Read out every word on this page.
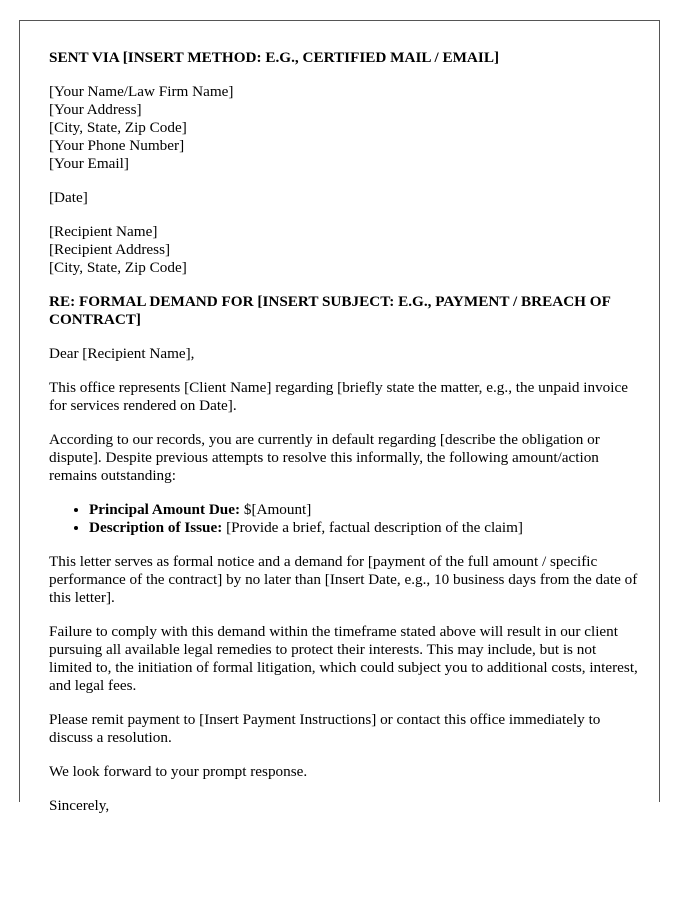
SENT VIA [INSERT METHOD: E.G., CERTIFIED MAIL / EMAIL]
[Your Name/Law Firm Name]
[Your Address]
[City, State, Zip Code]
[Your Phone Number]
[Your Email]
[Date]
[Recipient Name]
[Recipient Address]
[City, State, Zip Code]
RE: FORMAL DEMAND FOR [INSERT SUBJECT: E.G., PAYMENT / BREACH OF CONTRACT]
Dear [Recipient Name],
This office represents [Client Name] regarding [briefly state the matter, e.g., the unpaid invoice for services rendered on Date].
According to our records, you are currently in default regarding [describe the obligation or dispute]. Despite previous attempts to resolve this informally, the following amount/action remains outstanding:
• Principal Amount Due: $[Amount]
• Description of Issue: [Provide a brief, factual description of the claim]
This letter serves as formal notice and a demand for [payment of the full amount / specific performance of the contract] by no later than [Insert Date, e.g., 10 business days from the date of this letter].
Failure to comply with this demand within the timeframe stated above will result in our client pursuing all available legal remedies to protect their interests. This may include, but is not limited to, the initiation of formal litigation, which could subject you to additional costs, interest, and legal fees.
Please remit payment to [Insert Payment Instructions] or contact this office immediately to discuss a resolution.
We look forward to your prompt response.
Sincerely,
